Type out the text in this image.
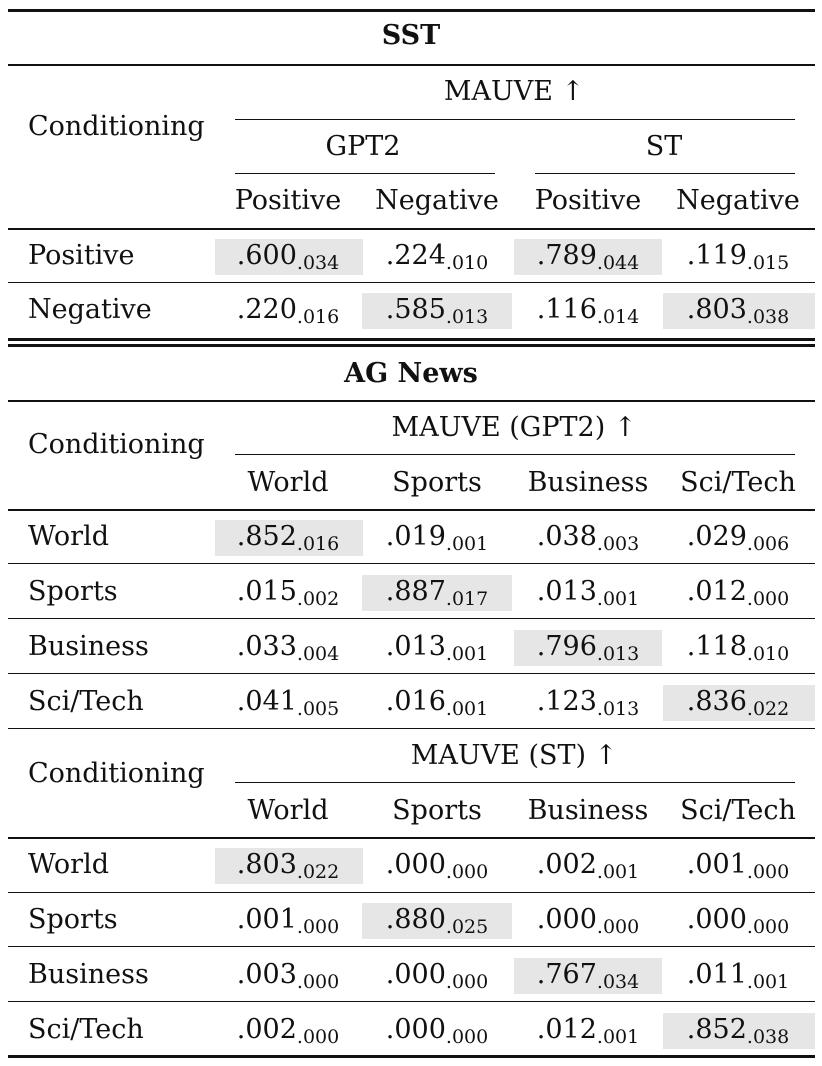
SST
Conditioning
MAUVE ↑
GPT2	ST
Positive Negative Positive Negative
Positive	$.600_{.034}$ $.224_{.010}$ $.789_{.044}$ $.119_{.015}$
Negative	$.220_{.016}$ $.585_{.013}$ $.116_{.014}$ $.803_{.038}$
AG News
Conditioning
MAUVE (GPT2) ↑
World Sports Business Sci/Tech
World	$.852_{.016}$ $.019_{.001}$ $.038_{.003}$ $.029_{.006}$
Sports	$.015_{.002}$ $.887_{.017}$ $.013_{.001}$ $.012_{.000}$
Business	$.033_{.004}$ $.013_{.001}$ $.796_{.013}$ $.118_{.010}$
Sci/Tech	$.041_{.005}$ $.016_{.001}$ $.123_{.013}$ $.836_{.022}$
Conditioning
MAUVE (ST) ↑
World Sports Business Sci/Tech
World	$.803_{.022}$ $.000_{.000}$ $.002_{.001}$ $.001_{.000}$
Sports	$.001_{.000}$ $.880_{.025}$ $.000_{.000}$ $.000_{.000}$
Business	$.003_{.000}$ $.000_{.000}$ $.767_{.034}$ $.011_{.001}$
Sci/Tech	$.002_{.000}$ $.000_{.000}$ $.012_{.001}$ $.852_{.038}$
